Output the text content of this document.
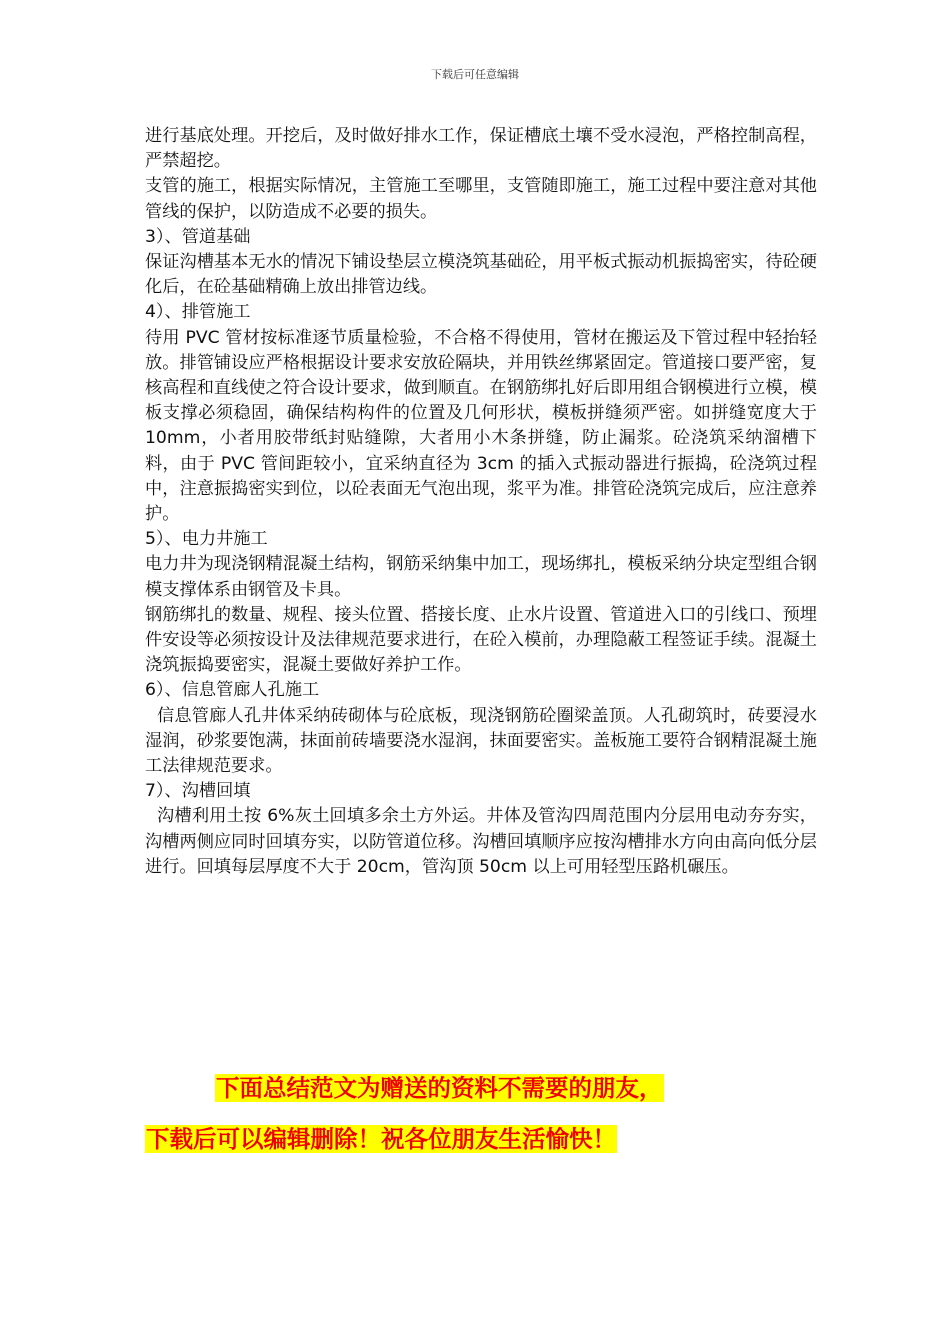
下载后可任意编辑

进行基底处理。开挖后，及时做好排水工作，保证槽底土壤不受水浸泡，严格控制高程，严禁超挖。

支管的施工，根据实际情况，主管施工至哪里，支管随即施工，施工过程中要注意对其他管线的保护，以防造成不必要的损失。

3）、管道基础

保证沟槽基本无水的情况下铺设垫层立模浇筑基础砼，用平板式振动机振捣密实，待砼硬化后，在砼基础精确上放出排管边线。

4）、排管施工

待用 PVC 管材按标准逐节质量检验，不合格不得使用，管材在搬运及下管过程中轻抬轻放。排管铺设应严格根据设计要求安放砼隔块，并用铁丝绑紧固定。管道接口要严密，复核高程和直线使之符合设计要求，做到顺直。在钢筋绑扎好后即用组合钢模进行立模，模板支撑必须稳固，确保结构构件的位置及几何形状，模板拼缝须严密。如拼缝宽度大于10mm，小者用胶带纸封贴缝隙，大者用小木条拼缝，防止漏浆。砼浇筑采纳溜槽下料，由于 PVC 管间距较小，宜采纳直径为 3cm 的插入式振动器进行振捣，砼浇筑过程中，注意振捣密实到位，以砼表面无气泡出现，浆平为准。排管砼浇筑完成后，应注意养护。

5）、电力井施工

电力井为现浇钢精混凝土结构，钢筋采纳集中加工，现场绑扎，模板采纳分块定型组合钢模支撑体系由钢管及卡具。

钢筋绑扎的数量、规程、接头位置、搭接长度、止水片设置、管道进入口的引线口、预埋件安设等必须按设计及法律规范要求进行，在砼入模前，办理隐蔽工程签证手续。混凝土浇筑振捣要密实，混凝土要做好养护工作。

6）、信息管廊人孔施工

信息管廊人孔井体采纳砖砌体与砼底板，现浇钢筋砼圈梁盖顶。人孔砌筑时，砖要浸水湿润，砂浆要饱满，抹面前砖墙要浇水湿润，抹面要密实。盖板施工要符合钢精混凝土施工法律规范要求。

7）、沟槽回填

沟槽利用土按 6%灰土回填多余土方外运。井体及管沟四周范围内分层用电动夯夯实，沟槽两侧应同时回填夯实，以防管道位移。沟槽回填顺序应按沟槽排水方向由高向低分层进行。回填每层厚度不大于 20cm，管沟顶 50cm 以上可用轻型压路机碾压。

下面总结范文为赠送的资料不需要的朋友，
下载后可以编辑删除！祝各位朋友生活愉快！
